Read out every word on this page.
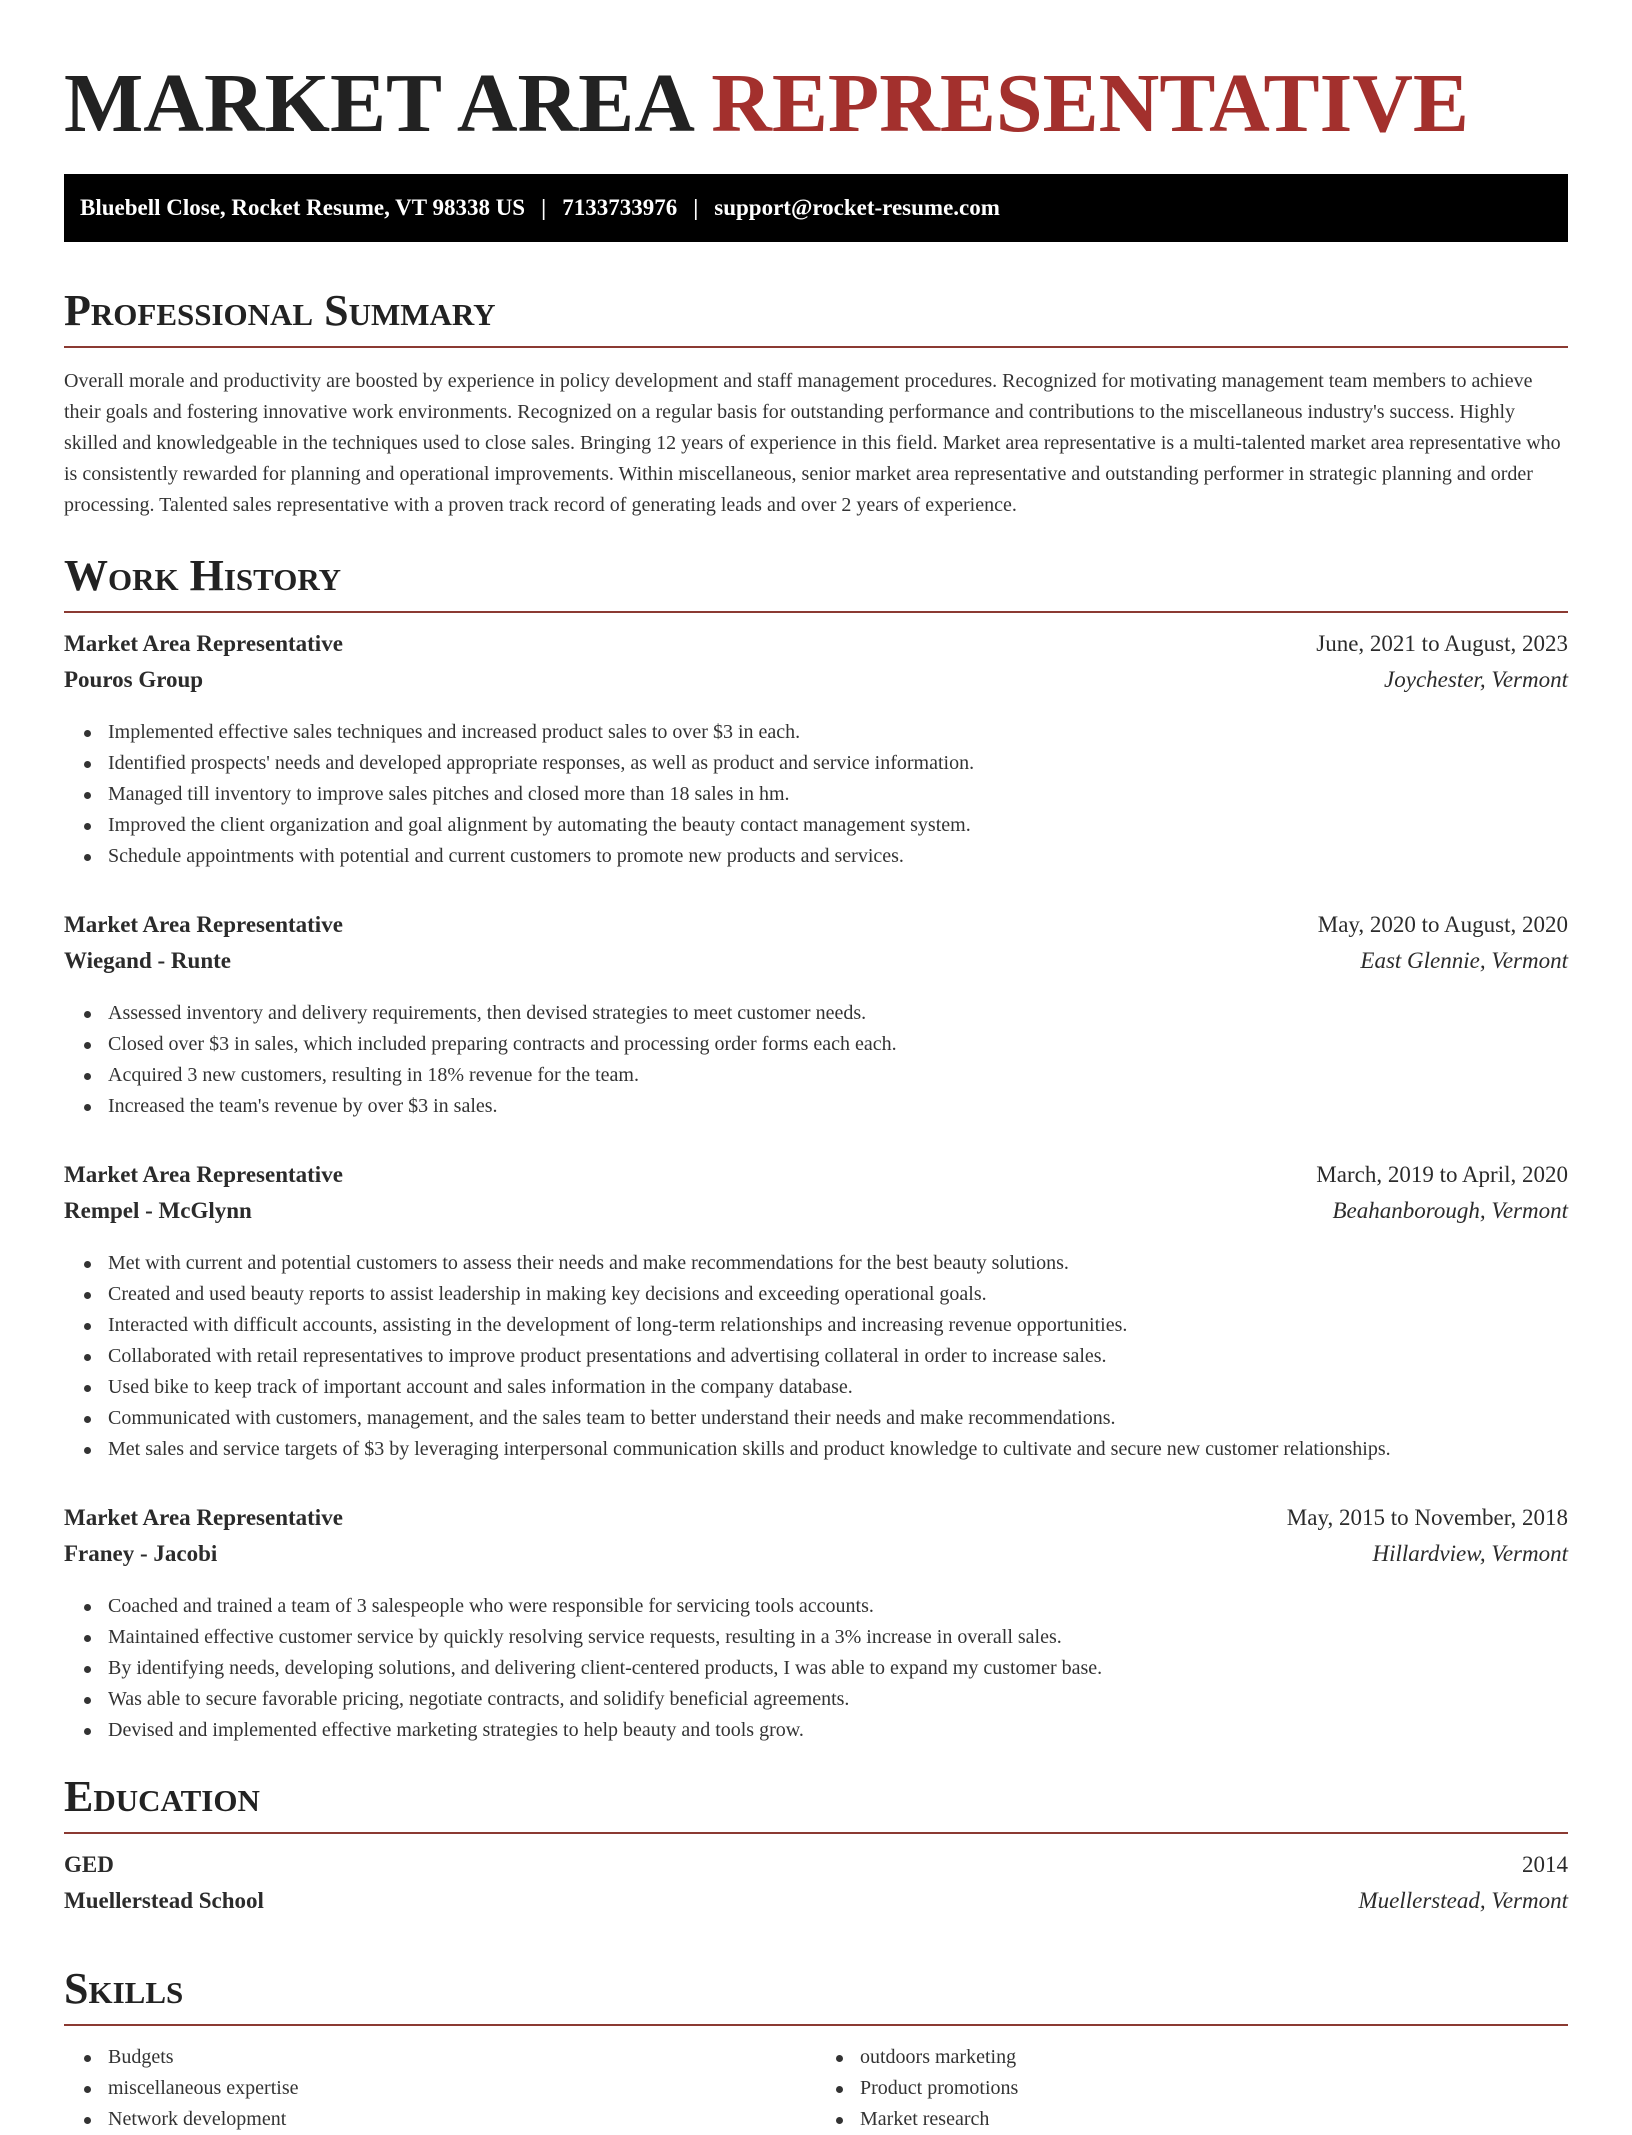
MARKET AREA REPRESENTATIVE
Bluebell Close, Rocket Resume, VT 98338 US | 7133733976 | support@rocket-resume.com
Professional Summary

Overall morale and productivity are boosted by experience in policy development and staff management procedures. Recognized for motivating management team members to achieve their goals and fostering innovative work environments. Recognized on a regular basis for outstanding performance and contributions to the miscellaneous industry's success. Highly skilled and knowledgeable in the techniques used to close sales. Bringing 12 years of experience in this field. Market area representative is a multi-talented market area representative who is consistently rewarded for planning and operational improvements. Within miscellaneous, senior market area representative and outstanding performer in strategic planning and order processing. Talented sales representative with a proven track record of generating leads and over 2 years of experience.

Work History
Market Area Representative	June, 2021 to August, 2023
Pouros Group	Joychester, Vermont
Implemented effective sales techniques and increased product sales to over $3 in each.
Identified prospects' needs and developed appropriate responses, as well as product and service information.
Managed till inventory to improve sales pitches and closed more than 18 sales in hm.
Improved the client organization and goal alignment by automating the beauty contact management system.
Schedule appointments with potential and current customers to promote new products and services.
Market Area Representative	May, 2020 to August, 2020
Wiegand - Runte	East Glennie, Vermont
Assessed inventory and delivery requirements, then devised strategies to meet customer needs.
Closed over $3 in sales, which included preparing contracts and processing order forms each each.
Acquired 3 new customers, resulting in 18% revenue for the team.
Increased the team's revenue by over $3 in sales.
Market Area Representative	March, 2019 to April, 2020
Rempel - McGlynn	Beahanborough, Vermont
Met with current and potential customers to assess their needs and make recommendations for the best beauty solutions.
Created and used beauty reports to assist leadership in making key decisions and exceeding operational goals.
Interacted with difficult accounts, assisting in the development of long-term relationships and increasing revenue opportunities.
Collaborated with retail representatives to improve product presentations and advertising collateral in order to increase sales.
Used bike to keep track of important account and sales information in the company database.
Communicated with customers, management, and the sales team to better understand their needs and make recommendations.
Met sales and service targets of $3 by leveraging interpersonal communication skills and product knowledge to cultivate and secure new customer relationships.
Market Area Representative	May, 2015 to November, 2018
Franey - Jacobi	Hillardview, Vermont
Coached and trained a team of 3 salespeople who were responsible for servicing tools accounts.
Maintained effective customer service by quickly resolving service requests, resulting in a 3% increase in overall sales.
By identifying needs, developing solutions, and delivering client-centered products, I was able to expand my customer base.
Was able to secure favorable pricing, negotiate contracts, and solidify beneficial agreements.
Devised and implemented effective marketing strategies to help beauty and tools grow.
Education
GED	2014
Muellerstead School	Muellerstead, Vermont
Skills
Budgets
miscellaneous expertise
Network development
outdoors marketing
Product promotions
Market research
